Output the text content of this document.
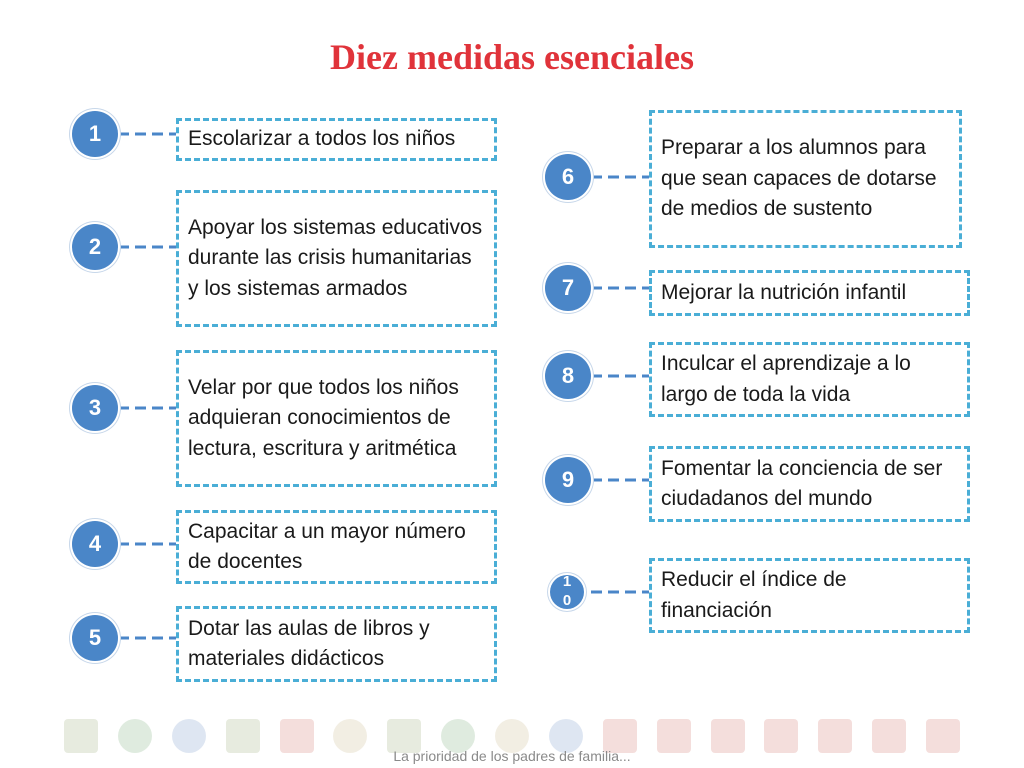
Diez medidas esenciales
1	Escolarizar a todos los niños
2
Apoyar los sistemas educativos durante las crisis humanitarias y los sistemas armados
3
Velar por que todos los niños adquieran conocimientos de lectura, escritura y aritmética
4	Capacitar a un mayor número de docentes
5	Dotar las aulas de libros y materiales didácticos
6
Preparar a los alumnos para que sean capaces de dotarse de medios de sustento
7	Mejorar la nutrición infantil
8	Inculcar el aprendizaje a lo largo de toda la vida
9	Fomentar la conciencia de ser ciudadanos del mundo
1
0
Reducir el índice de financiación
La prioridad de los padres de familia...
